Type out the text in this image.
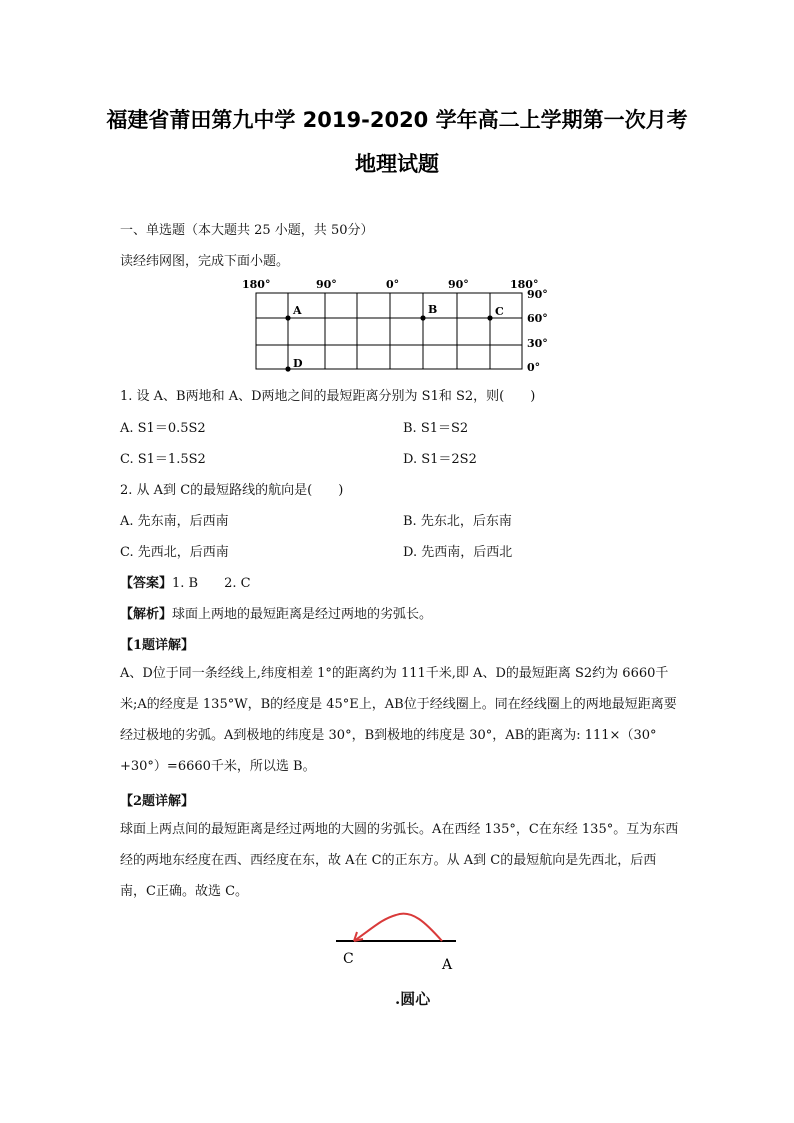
福建省莆田第九中学 2019-2020 学年高二上学期第一次月考
地理试题
一、单选题（本大题共 25 小题，共 50分）
读经纬网图，完成下面小题。
180°	90°	0°	90°	180°
90°
60°
30°
0°
A	B	C
D
1. 设 A、B两地和 A、D两地之间的最短距离分别为 S1和 S2，则(　　)
A. S1＝0.5S2	B. S1＝S2
C. S1＝1.5S2	D. S1＝2S2
2. 从 A到 C的最短路线的航向是(　　)
A. 先东南，后西南	B. 先东北，后东南
C. 先西北，后西南	D. 先西南，后西北
【答案】1. B　　2. C
【解析】球面上两地的最短距离是经过两地的劣弧长。
【1题详解】
A、D位于同一条经线上,纬度相差 1°的距离约为 111千米,即 A、D的最短距离 S2约为 6660千米;A的经度是 135°W，B的经度是 45°E上，AB位于经线圈上。同在经线圈上的两地最短距离要经过极地的劣弧。A到极地的纬度是 30°，B到极地的纬度是 30°，AB的距离为: 111×（30°+30°）=6660千米，所以选 B。
【2题详解】
球面上两点间的最短距离是经过两地的大圆的劣弧长。A在西经 135°，C在东经 135°。互为东西经的两地东经度在西、西经度在东，故 A在 C的正东方。从 A到 C的最短航向是先西北，后西南，C正确。故选 C。
C	A
.圆心
